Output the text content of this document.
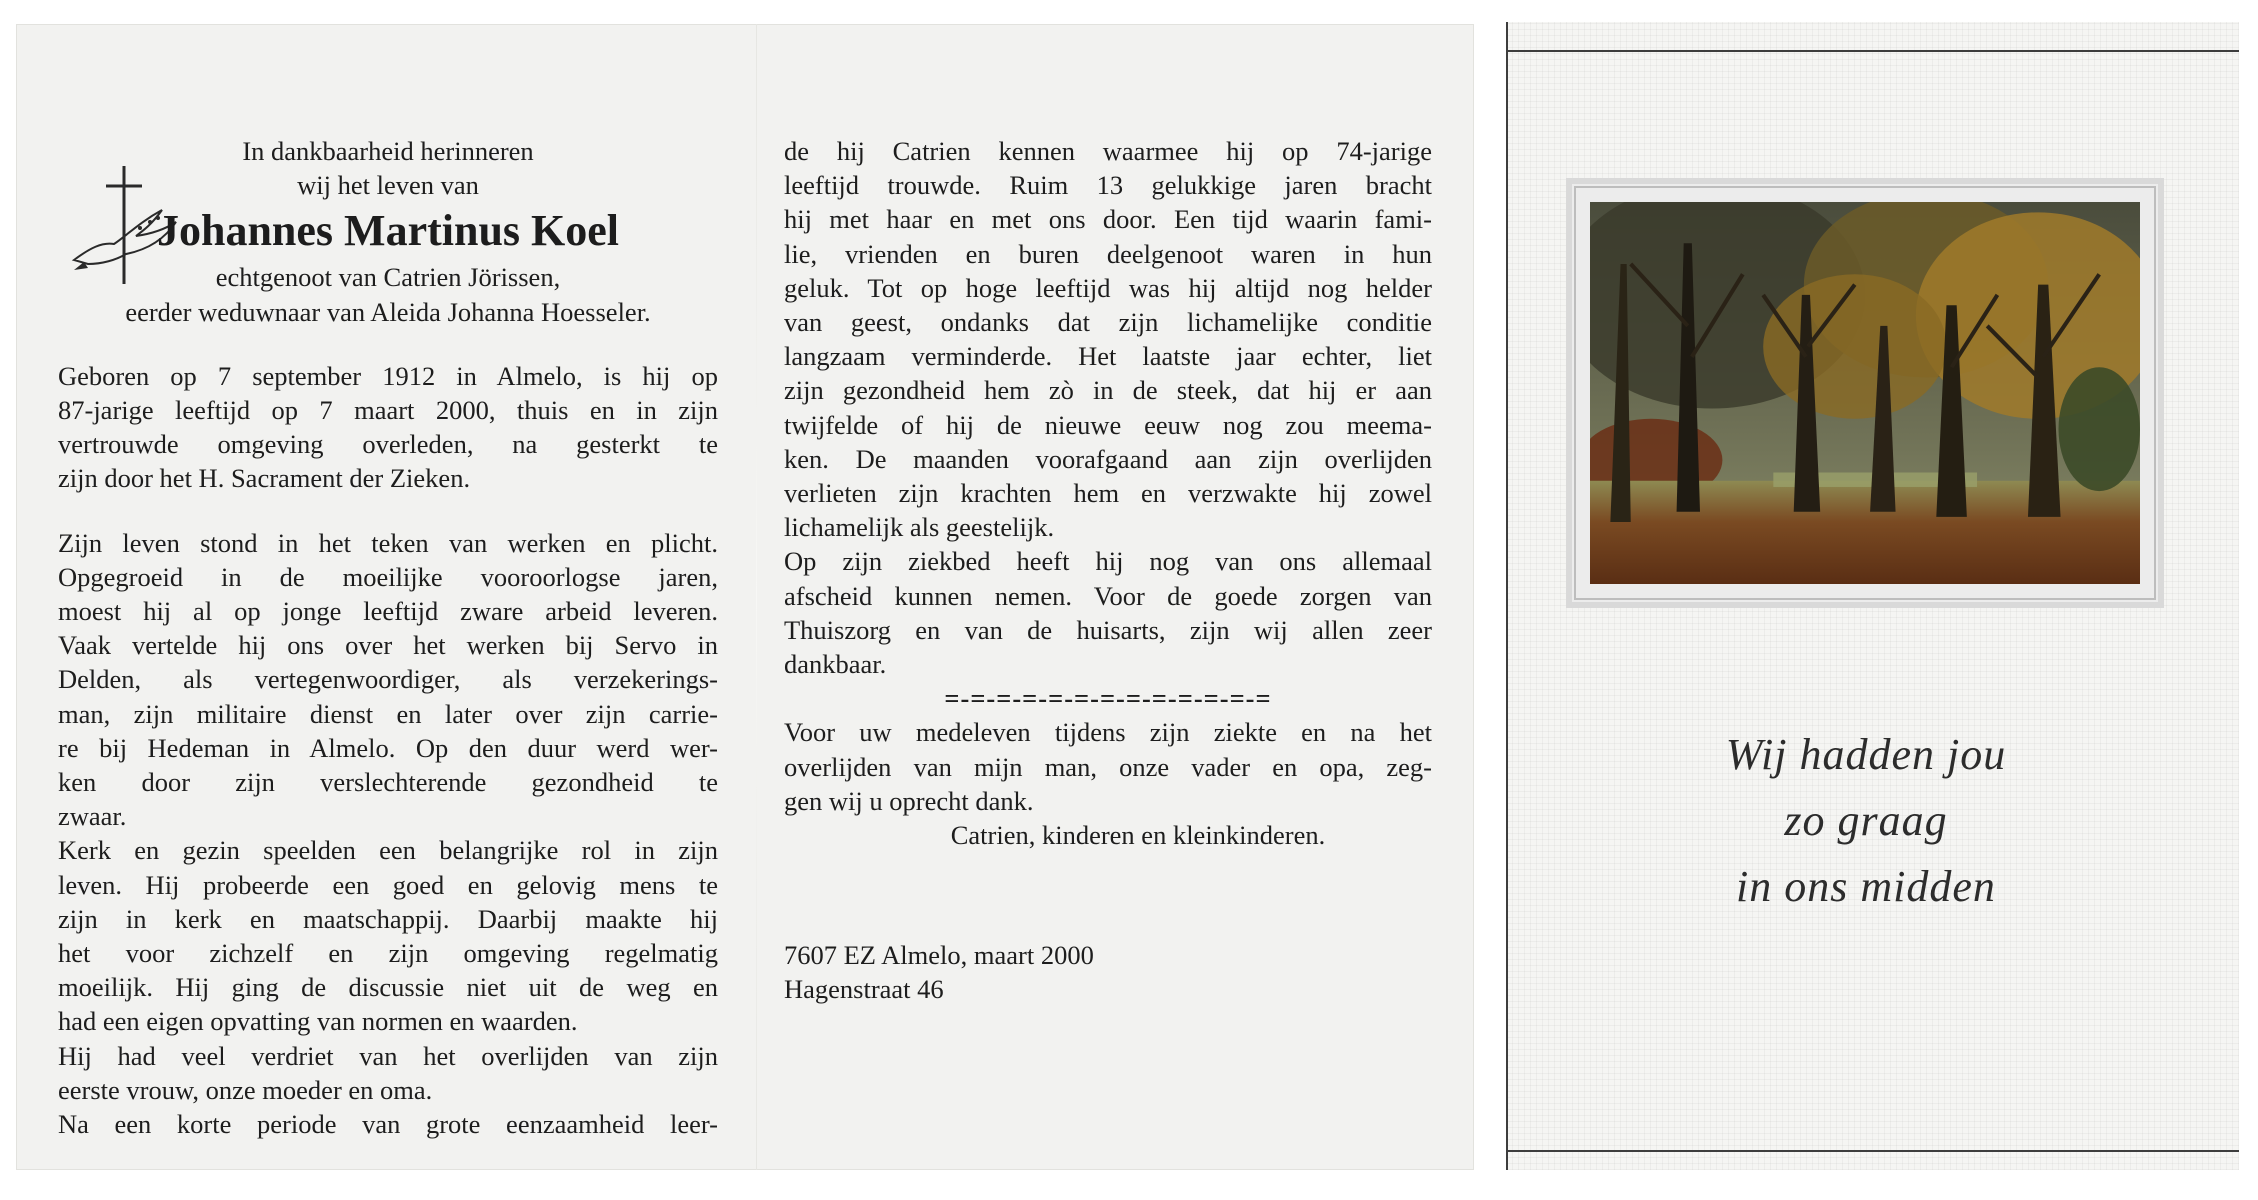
In dankbaarheid herinneren

wij het leven van

Johannes Martinus Koel

echtgenoot van Catrien Jörissen,

eerder weduwnaar van Aleida Johanna Hoesseler.

Geboren op 7 september 1912 in Almelo, is hij op

87-jarige leeftijd op 7 maart 2000, thuis en in zijn

vertrouwde omgeving overleden, na gesterkt te

zijn door het H. Sacrament der Zieken.

Zijn leven stond in het teken van werken en plicht.

Opgegroeid in de moeilijke vooroorlogse jaren,

moest hij al op jonge leeftijd zware arbeid leveren.

Vaak vertelde hij ons over het werken bij Servo in

Delden, als vertegenwoordiger, als verzekerings-

man, zijn militaire dienst en later over zijn carrie-

re bij Hedeman in Almelo. Op den duur werd wer-

ken door zijn verslechterende gezondheid te

zwaar.

Kerk en gezin speelden een belangrijke rol in zijn

leven. Hij probeerde een goed en gelovig mens te

zijn in kerk en maatschappij. Daarbij maakte hij

het voor zichzelf en zijn omgeving regelmatig

moeilijk. Hij ging de discussie niet uit de weg en

had een eigen opvatting van normen en waarden.

Hij had veel verdriet van het overlijden van zijn

eerste vrouw, onze moeder en oma.

Na een korte periode van grote eenzaamheid leer-

de hij Catrien kennen waarmee hij op 74-jarige

leeftijd trouwde. Ruim 13 gelukkige jaren bracht

hij met haar en met ons door. Een tijd waarin fami-

lie, vrienden en buren deelgenoot waren in hun

geluk. Tot op hoge leeftijd was hij altijd nog helder

van geest, ondanks dat zijn lichamelijke conditie

langzaam verminderde. Het laatste jaar echter, liet

zijn gezondheid hem zò in de steek, dat hij er aan

twijfelde of hij de nieuwe eeuw nog zou meema-

ken. De maanden voorafgaand aan zijn overlijden

verlieten zijn krachten hem en verzwakte hij zowel

lichamelijk als geestelijk.

Op zijn ziekbed heeft hij nog van ons allemaal

afscheid kunnen nemen. Voor de goede zorgen van

Thuiszorg en van de huisarts, zijn wij allen zeer

dankbaar.

=-=-=-=-=-=-=-=-=-=-=-=-=

Voor uw medeleven tijdens zijn ziekte en na het

overlijden van mijn man, onze vader en opa, zeg-

gen wij u oprecht dank.

Catrien, kinderen en kleinkinderen.

7607 EZ Almelo, maart 2000

Hagenstraat 46

Wij hadden jou
zo graag
in ons midden
